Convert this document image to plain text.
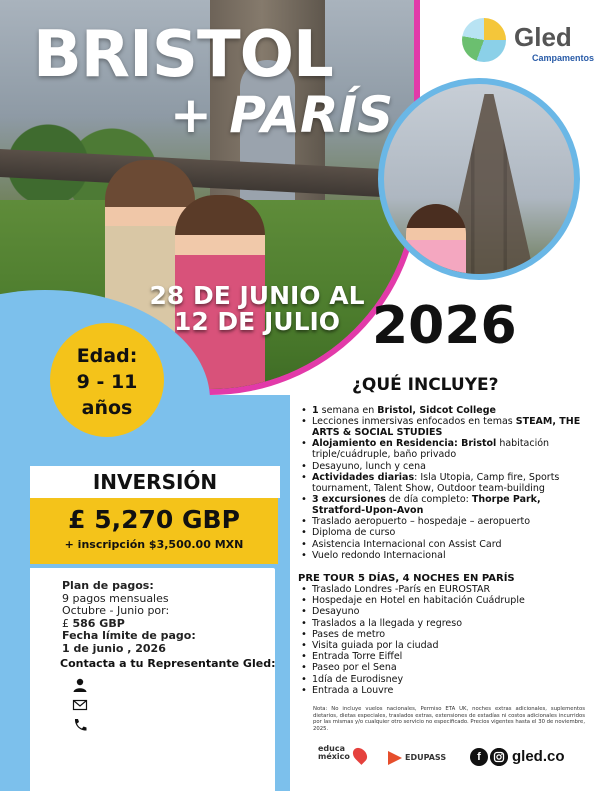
BRISTOL
+ PARÍS
Gled
Campamentos
28 DE JUNIO AL 12 DE JULIO 2026
Edad:
9 - 11
años
INVERSIÓN
£ 5,270 GBP
+ inscripción $3,500.00 MXN
Plan de pagos:
9 pagos mensuales
Octubre - Junio por:
£ 586 GBP
Fecha límite de pago:
1 de junio , 2026
Contacta a tu Representante Gled:
¿QUÉ INCLUYE?
• 1 semana en Bristol, Sidcot College
• Lecciones inmersivas enfocados en temas STEAM, THE ARTS & SOCIAL STUDIES
• Alojamiento en Residencia: Bristol habitación triple/cuádruple, baño privado
• Desayuno, lunch y cena
• Actividades diarias: Isla Utopia, Camp fire, Sports tournament, Talent Show, Outdoor team-building
• 3 excursiones de día completo: Thorpe Park, Stratford-Upon-Avon
• Traslado aeropuerto – hospedaje – aeropuerto
• Diploma de curso
• Asistencia Internacional con Assist Card
• Vuelo redondo Internacional
PRE TOUR 5 DÍAS, 4 NOCHES EN PARÍS
• Traslado Londres -París en EUROSTAR
• Hospedaje en Hotel en habitación Cuádruple
• Desayuno
• Traslados a la llegada y regreso
• Pases de metro
• Visita guiada por la ciudad
• Entrada Torre Eiffel
• Paseo por el Sena
• 1día de Eurodisney
• Entrada a Louvre
Nota: No incluye vuelos nacionales, Permiso ETA UK, noches extras adicionales, suplementos dietarios, dietas especiales, traslados extras, extensiones de estadías ni costos adicionales incurridos por las mismas y/o cualquier otro servicio no especificado. Precios vigentes hasta el 30 de noviembre, 2025.
educa
méxico	EDUPASS	f	gled.co
